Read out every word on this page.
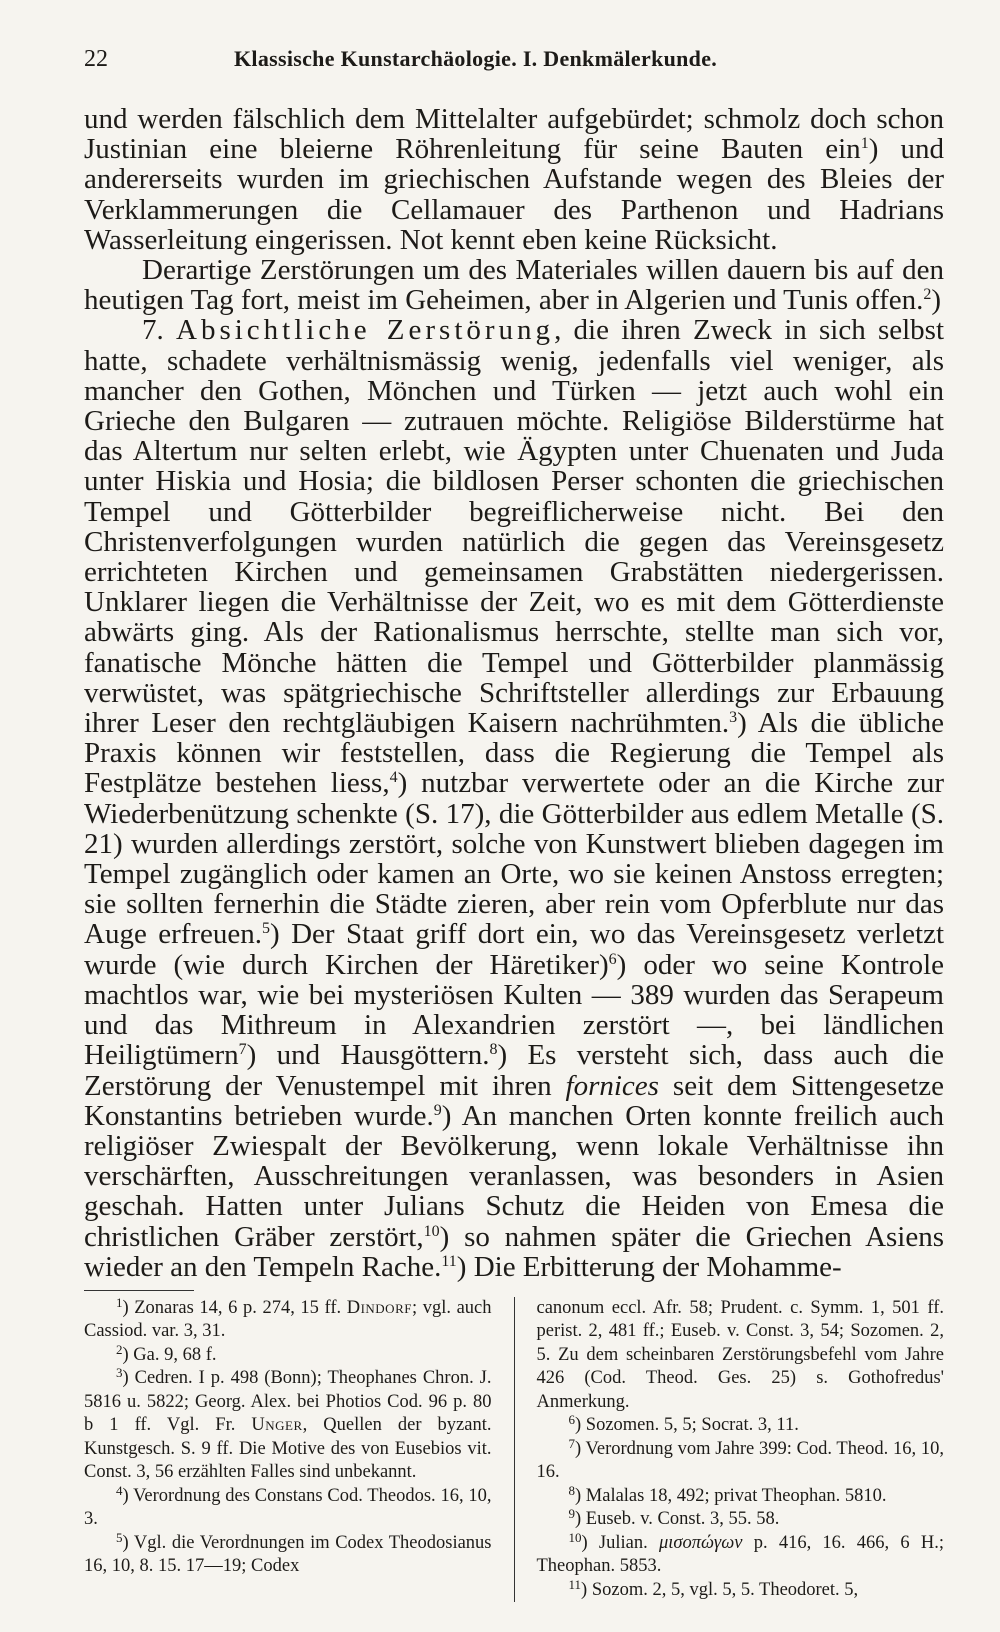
22	Klassische Kunstarchäologie. I. Denkmälerkunde.

und werden fälschlich dem Mittelalter aufgebürdet; schmolz doch schon Justinian eine bleierne Röhrenleitung für seine Bauten ein$^1$) und andererseits wurden im griechischen Aufstande wegen des Bleies der Verklammerungen die Cellamauer des Parthenon und Hadrians Wasserleitung eingerissen. Not kennt eben keine Rücksicht.

Derartige Zerstörungen um des Materiales willen dauern bis auf den heutigen Tag fort, meist im Geheimen, aber in Algerien und Tunis offen.$^2$)

7. Absichtliche Zerstörung, die ihren Zweck in sich selbst hatte, schadete verhältnismässig wenig, jedenfalls viel weniger, als mancher den Gothen, Mönchen und Türken — jetzt auch wohl ein Grieche den Bulgaren — zutrauen möchte. Religiöse Bilderstürme hat das Altertum nur selten erlebt, wie Ägypten unter Chuenaten und Juda unter Hiskia und Hosia; die bildlosen Perser schonten die griechischen Tempel und Götterbilder begreiflicherweise nicht. Bei den Christenverfolgungen wurden natürlich die gegen das Vereinsgesetz errichteten Kirchen und gemeinsamen Grabstätten niedergerissen. Unklarer liegen die Verhältnisse der Zeit, wo es mit dem Götterdienste abwärts ging. Als der Rationalismus herrschte, stellte man sich vor, fanatische Mönche hätten die Tempel und Götterbilder planmässig verwüstet, was spätgriechische Schriftsteller allerdings zur Erbauung ihrer Leser den rechtgläubigen Kaisern nachrühmten.$^3$) Als die übliche Praxis können wir feststellen, dass die Regierung die Tempel als Festplätze bestehen liess,$^4$) nutzbar verwertete oder an die Kirche zur Wiederbenützung schenkte (S. 17), die Götterbilder aus edlem Metalle (S. 21) wurden allerdings zerstört, solche von Kunstwert blieben dagegen im Tempel zugänglich oder kamen an Orte, wo sie keinen Anstoss erregten; sie sollten fernerhin die Städte zieren, aber rein vom Opferblute nur das Auge erfreuen.$^5$) Der Staat griff dort ein, wo das Vereinsgesetz verletzt wurde (wie durch Kirchen der Häretiker)$^6$) oder wo seine Kontrole machtlos war, wie bei mysteriösen Kulten — 389 wurden das Serapeum und das Mithreum in Alexandrien zerstört —, bei ländlichen Heiligtümern$^7$) und Hausgöttern.$^8$) Es versteht sich, dass auch die Zerstörung der Venustempel mit ihren fornices seit dem Sittengesetze Konstantins betrieben wurde.$^9$) An manchen Orten konnte freilich auch religiöser Zwiespalt der Bevölkerung, wenn lokale Verhältnisse ihn verschärften, Ausschreitungen veranlassen, was besonders in Asien geschah. Hatten unter Julians Schutz die Heiden von Emesa die christlichen Gräber zerstört,$^{10}$) so nahmen später die Griechen Asiens wieder an den Tempeln Rache.$^{11}$) Die Erbitterung der Mohamme-

$^1$) Zonaras 14, 6 p. 274, 15 ff. Dindorf; vgl. auch Cassiod. var. 3, 31.

$^2$) Ga. 9, 68 f.

$^3$) Cedren. I p. 498 (Bonn); Theophanes Chron. J. 5816 u. 5822; Georg. Alex. bei Photios Cod. 96 p. 80 b 1 ff. Vgl. Fr. Unger, Quellen der byzant. Kunstgesch. S. 9 ff. Die Motive des von Eusebios vit. Const. 3, 56 erzählten Falles sind unbekannt.

$^4$) Verordnung des Constans Cod. Theodos. 16, 10, 3.

$^5$) Vgl. die Verordnungen im Codex Theodosianus 16, 10, 8. 15. 17—19; Codex

canonum eccl. Afr. 58; Prudent. c. Symm. 1, 501 ff. perist. 2, 481 ff.; Euseb. v. Const. 3, 54; Sozomen. 2, 5. Zu dem scheinbaren Zerstörungsbefehl vom Jahre 426 (Cod. Theod. Ges. 25) s. Gothofredus' Anmerkung.

$^6$) Sozomen. 5, 5; Socrat. 3, 11.

$^7$) Verordnung vom Jahre 399: Cod. Theod. 16, 10, 16.

$^8$) Malalas 18, 492; privat Theophan. 5810.

$^9$) Euseb. v. Const. 3, 55. 58.

$^{10}$) Julian. μισοπώγων p. 416, 16. 466, 6 H.; Theophan. 5853.

$^{11}$) Sozom. 2, 5, vgl. 5, 5. Theodoret. 5,
